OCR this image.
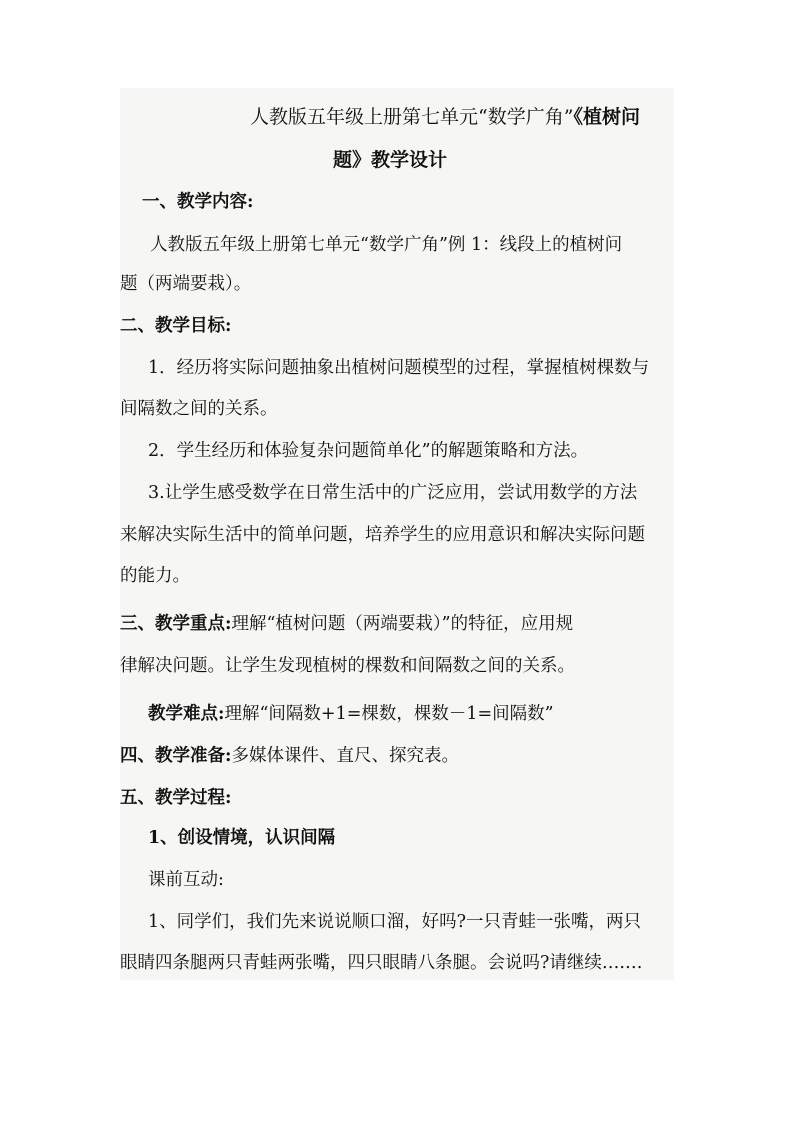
人教版五年级上册第七单元“数学广角”《植树问
题》教学设计
一、教学内容:
人教版五年级上册第七单元“数学广角”例 1：线段上的植树问
题（两端要栽）。
二、教学目标:
1．经历将实际问题抽象出植树问题模型的过程，掌握植树棵数与
间隔数之间的关系。
2．学生经历和体验复杂问题简单化”的解题策略和方法。
3.让学生感受数学在日常生活中的广泛应用，尝试用数学的方法
来解决实际生活中的简单问题，培养学生的应用意识和解决实际问题
的能力。
三、教学重点:理解“植树问题（两端要栽）”的特征，应用规
律解决问题。让学生发现植树的棵数和间隔数之间的关系。
教学难点:理解“间隔数+1=棵数，棵数－1=间隔数”
四、教学准备:多媒体课件、直尺、探究表。
五、教学过程:
1、创设情境，认识间隔
课前互动:
1、同学们，我们先来说说顺口溜，好吗?一只青蛙一张嘴，两只
眼睛四条腿两只青蛙两张嘴，四只眼睛八条腿。会说吗?请继续….…
